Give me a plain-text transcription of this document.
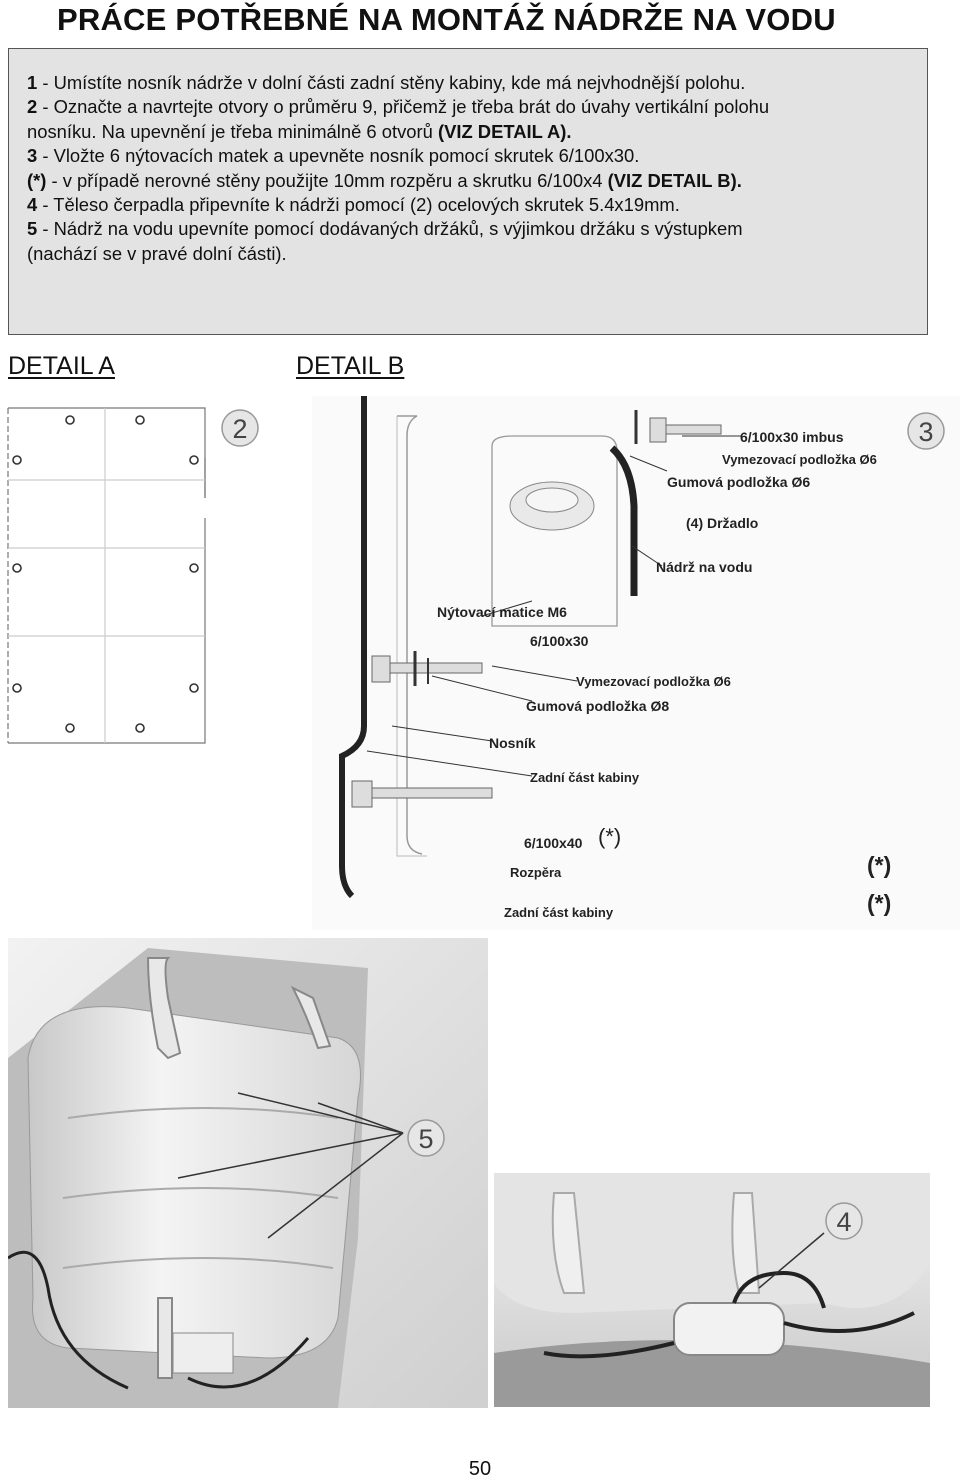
PRÁCE POTŘEBNÉ NA MONTÁŽ NÁDRŽE NA VODU
1 - Umístíte nosník nádrže v dolní části zadní stěny kabiny, kde má nejvhodnější polohu.
2 - Označte a navrtejte otvory o průměru 9, přičemž je třeba brát do úvahy vertikální polohu
nosníku. Na upevnění je třeba minimálně 6 otvorů (VIZ DETAIL A).
3 - Vložte 6 nýtovacích matek a upevněte nosník pomocí skrutek 6/100x30.
(*) - v případě nerovné stěny použijte 10mm rozpěru a skrutku 6/100x4 (VIZ DETAIL B).
4 - Těleso čerpadla připevníte k nádrži pomocí (2) ocelových skrutek 5.4x19mm.
5 - Nádrž na vodu upevníte pomocí dodávaných držáků, s výjimkou držáku s výstupkem
(nachází se v pravé dolní části).
DETAIL A	DETAIL B
2	6/100x30 imbus
Vymezovací podložka Ø6
Gumová podložka Ø6
(4) Držadlo
Nádrž na vodu
Nýtovací matice M6
6/100x30
Vymezovací podložka Ø6
Gumová podložka Ø8
Nosník
Zadní část kabiny
6/100x40 (*)
Rozpěra
Zadní část kabiny
(*)
(*)
3
5
4
50
